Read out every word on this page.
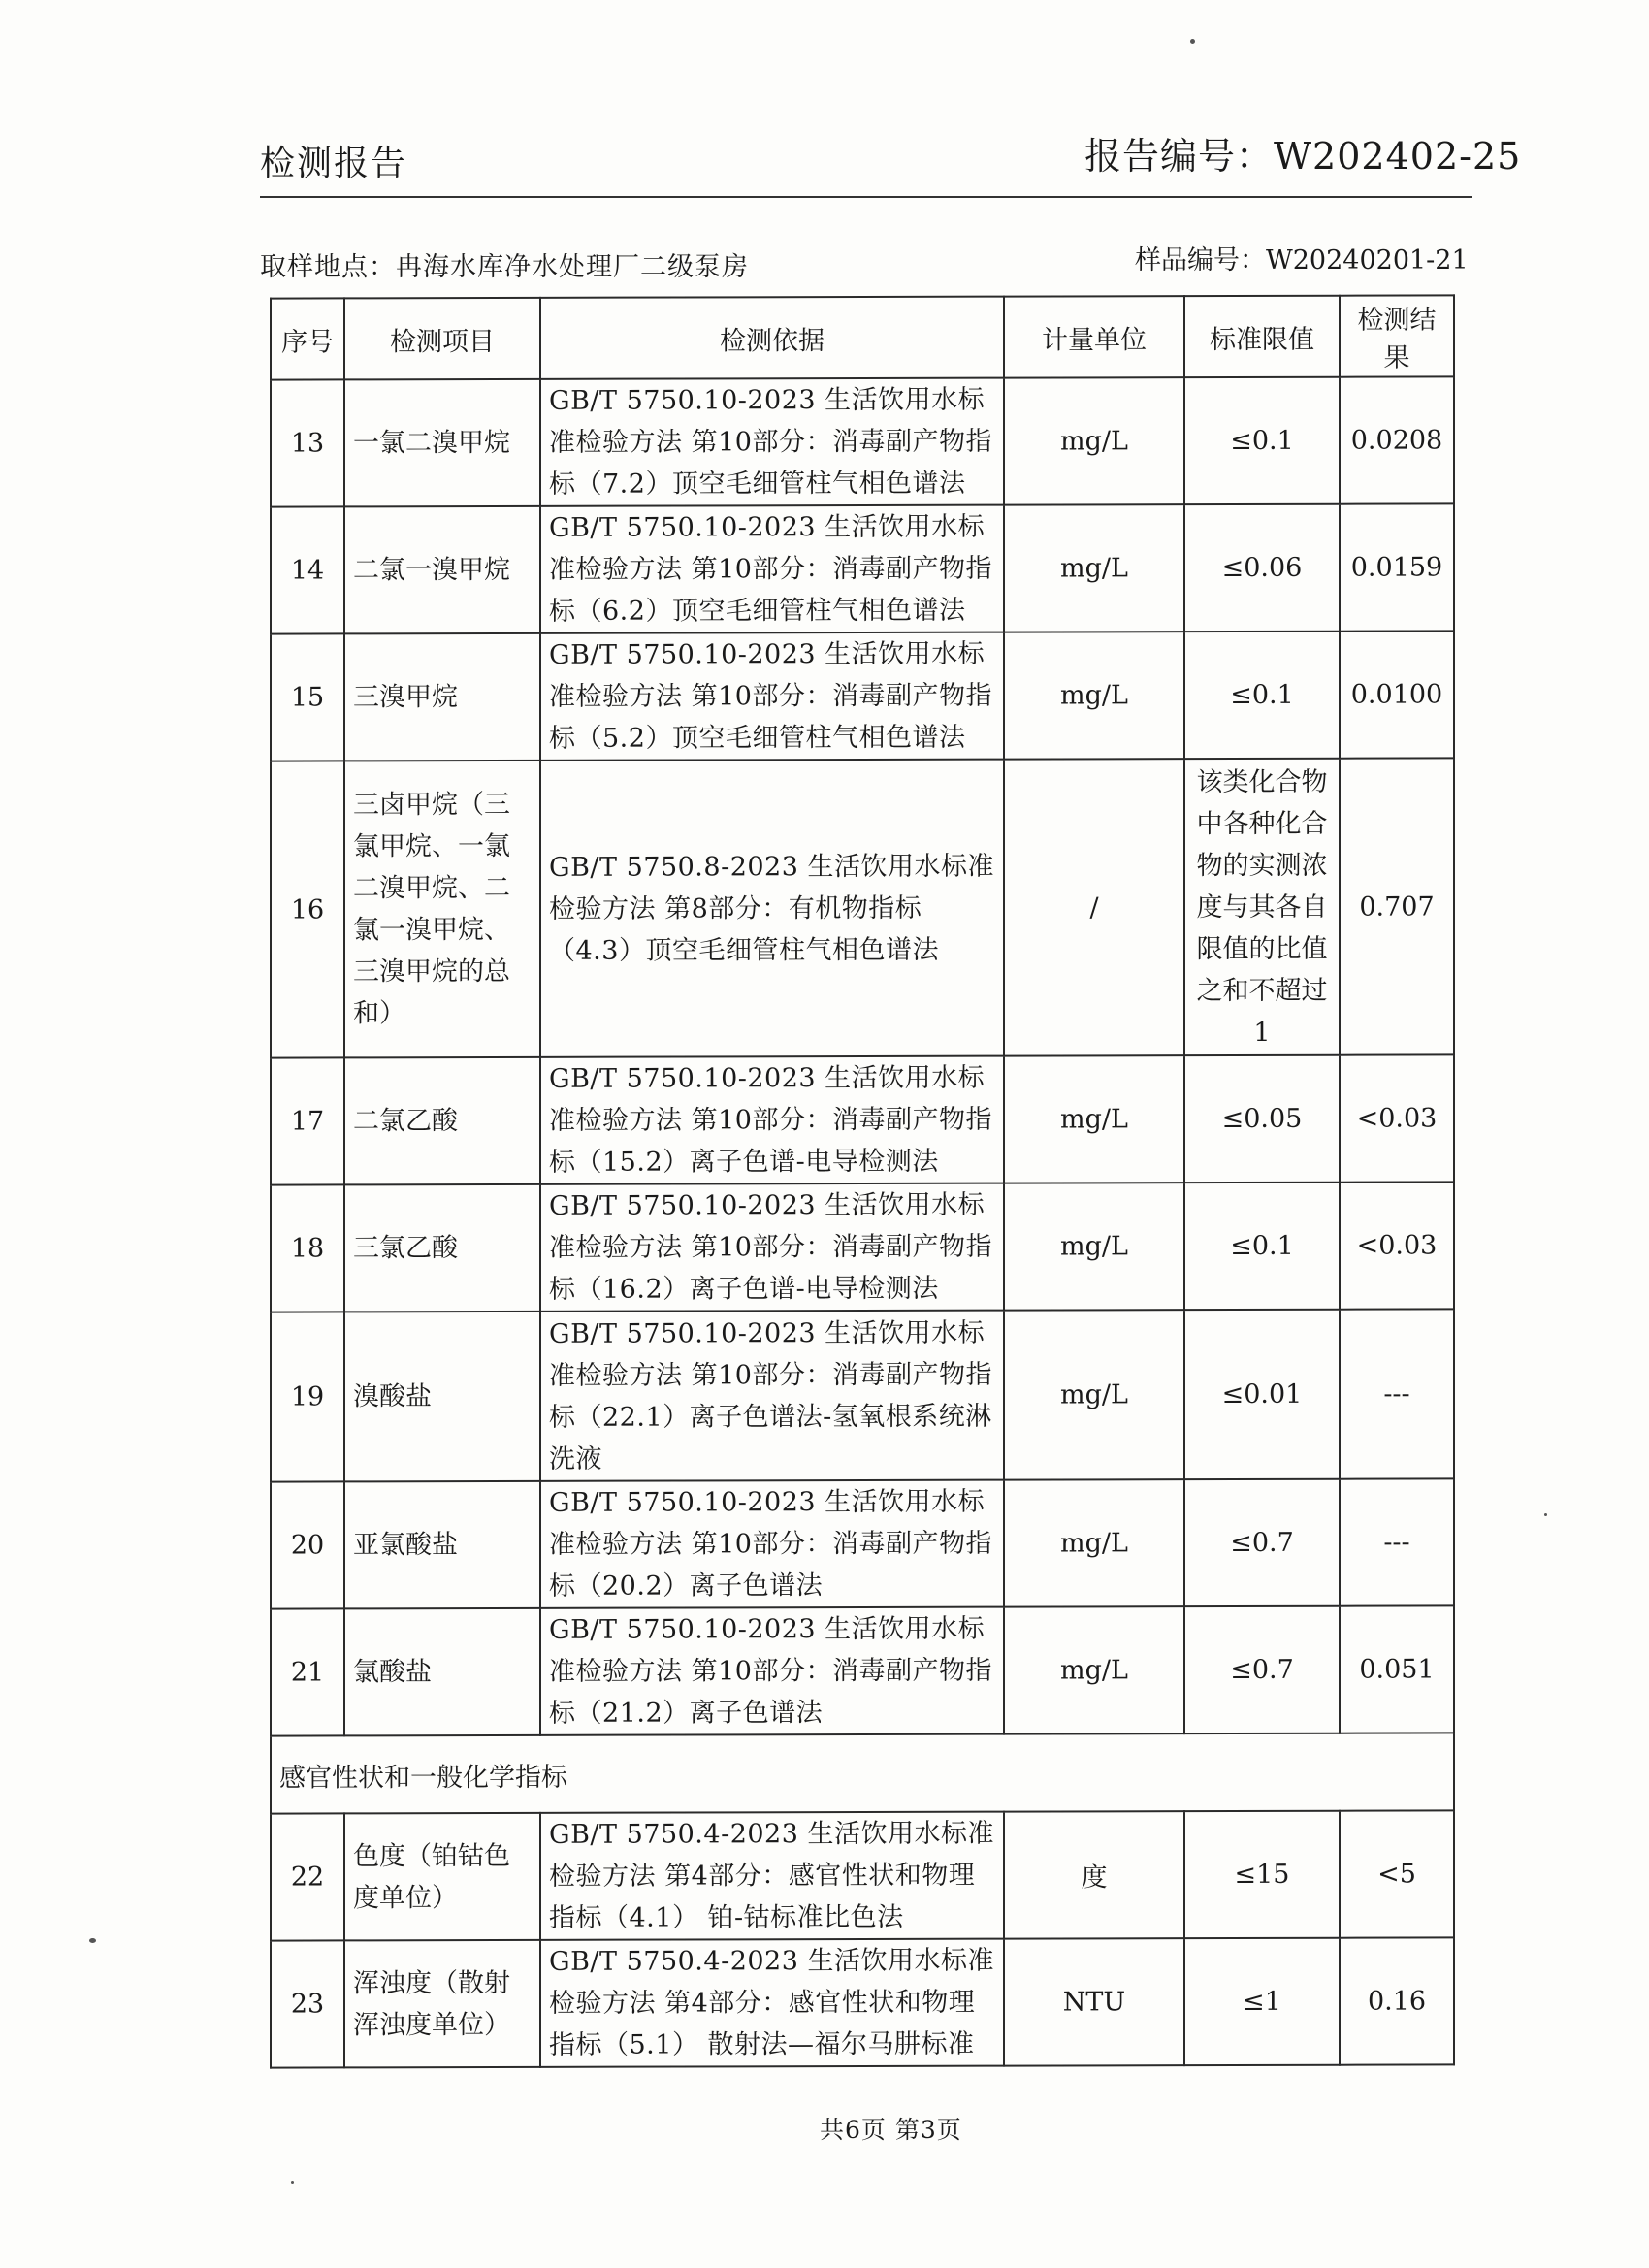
检测报告	报告编号：W202402-25
取样地点：冉海水库净水处理厂二级泵房	样品编号：W20240201-21
序号	检测项目	检测依据	计量单位	标准限值	检测结果
13	一氯二溴甲烷	GB/T 5750.10-2023 生活饮用水标准检验方法 第10部分：消毒副产物指标（7.2）顶空毛细管柱气相色谱法	mg/L	≤0.1	0.0208
14	二氯一溴甲烷	GB/T 5750.10-2023 生活饮用水标准检验方法 第10部分：消毒副产物指标（6.2）顶空毛细管柱气相色谱法	mg/L	≤0.06	0.0159
15	三溴甲烷	GB/T 5750.10-2023 生活饮用水标准检验方法 第10部分：消毒副产物指标（5.2）顶空毛细管柱气相色谱法	mg/L	≤0.1	0.0100
16	三卤甲烷（三氯甲烷、一氯二溴甲烷、二氯一溴甲烷、三溴甲烷的总和）	GB/T 5750.8-2023 生活饮用水标准检验方法 第8部分：有机物指标（4.3）顶空毛细管柱气相色谱法	/	该类化合物中各种化合物的实测浓度与其各自限值的比值之和不超过1	0.707
17	二氯乙酸	GB/T 5750.10-2023 生活饮用水标准检验方法 第10部分：消毒副产物指标（15.2）离子色谱-电导检测法	mg/L	≤0.05	<0.03
18	三氯乙酸	GB/T 5750.10-2023 生活饮用水标准检验方法 第10部分：消毒副产物指标（16.2）离子色谱-电导检测法	mg/L	≤0.1	<0.03
19	溴酸盐	GB/T 5750.10-2023 生活饮用水标准检验方法 第10部分：消毒副产物指标（22.1）离子色谱法-氢氧根系统淋洗液	mg/L	≤0.01	---
20	亚氯酸盐	GB/T 5750.10-2023 生活饮用水标准检验方法 第10部分：消毒副产物指标（20.2）离子色谱法	mg/L	≤0.7	---
21	氯酸盐	GB/T 5750.10-2023 生活饮用水标准检验方法 第10部分：消毒副产物指标（21.2）离子色谱法	mg/L	≤0.7	0.051
感官性状和一般化学指标					
22	色度（铂钴色度单位）	GB/T 5750.4-2023 生活饮用水标准检验方法 第4部分：感官性状和物理指标（4.1） 铂-钴标准比色法	度	≤15	<5
23	浑浊度（散射浑浊度单位）	GB/T 5750.4-2023 生活饮用水标准检验方法 第4部分：感官性状和物理指标（5.1） 散射法—福尔马肼标准	NTU	≤1	0.16
共6页 第3页
